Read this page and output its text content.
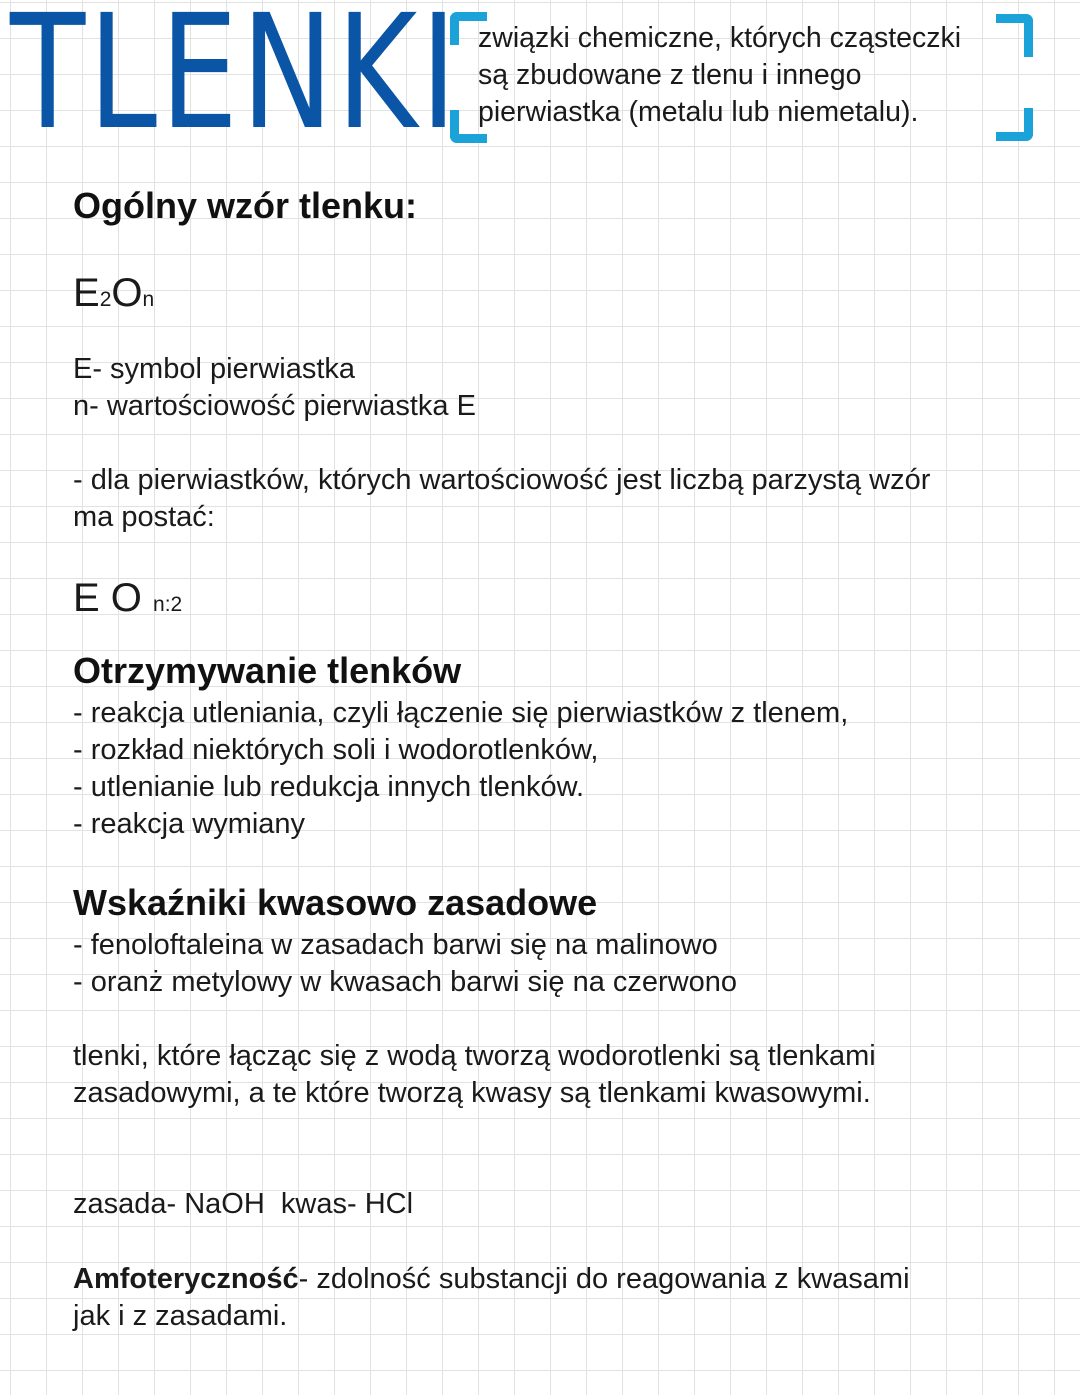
TLENKI związki chemiczne, których cząsteczki
są zbudowane z tlenu i innego
pierwiastka (metalu lub niemetalu).
Ogólny wzór tlenku:
E2On
E- symbol pierwiastka
n- wartościowość pierwiastka E
- dla pierwiastków, których wartościowość jest liczbą parzystą wzór
ma postać:
E O n:2
Otrzymywanie tlenków
- reakcja utleniania, czyli łączenie się pierwiastków z tlenem,
- rozkład niektórych soli i wodorotlenków,
- utlenianie lub redukcja innych tlenków.
- reakcja wymiany
Wskaźniki kwasowo zasadowe
- fenoloftaleina w zasadach barwi się na malinowo
- oranż metylowy w kwasach barwi się na czerwono
tlenki, które łącząc się z wodą tworzą wodorotlenki są tlenkami
zasadowymi, a te które tworzą kwasy są tlenkami kwasowymi.
zasada- NaOH  kwas- HCl
Amfoteryczność- zdolność substancji do reagowania z kwasami
jak i z zasadami.
